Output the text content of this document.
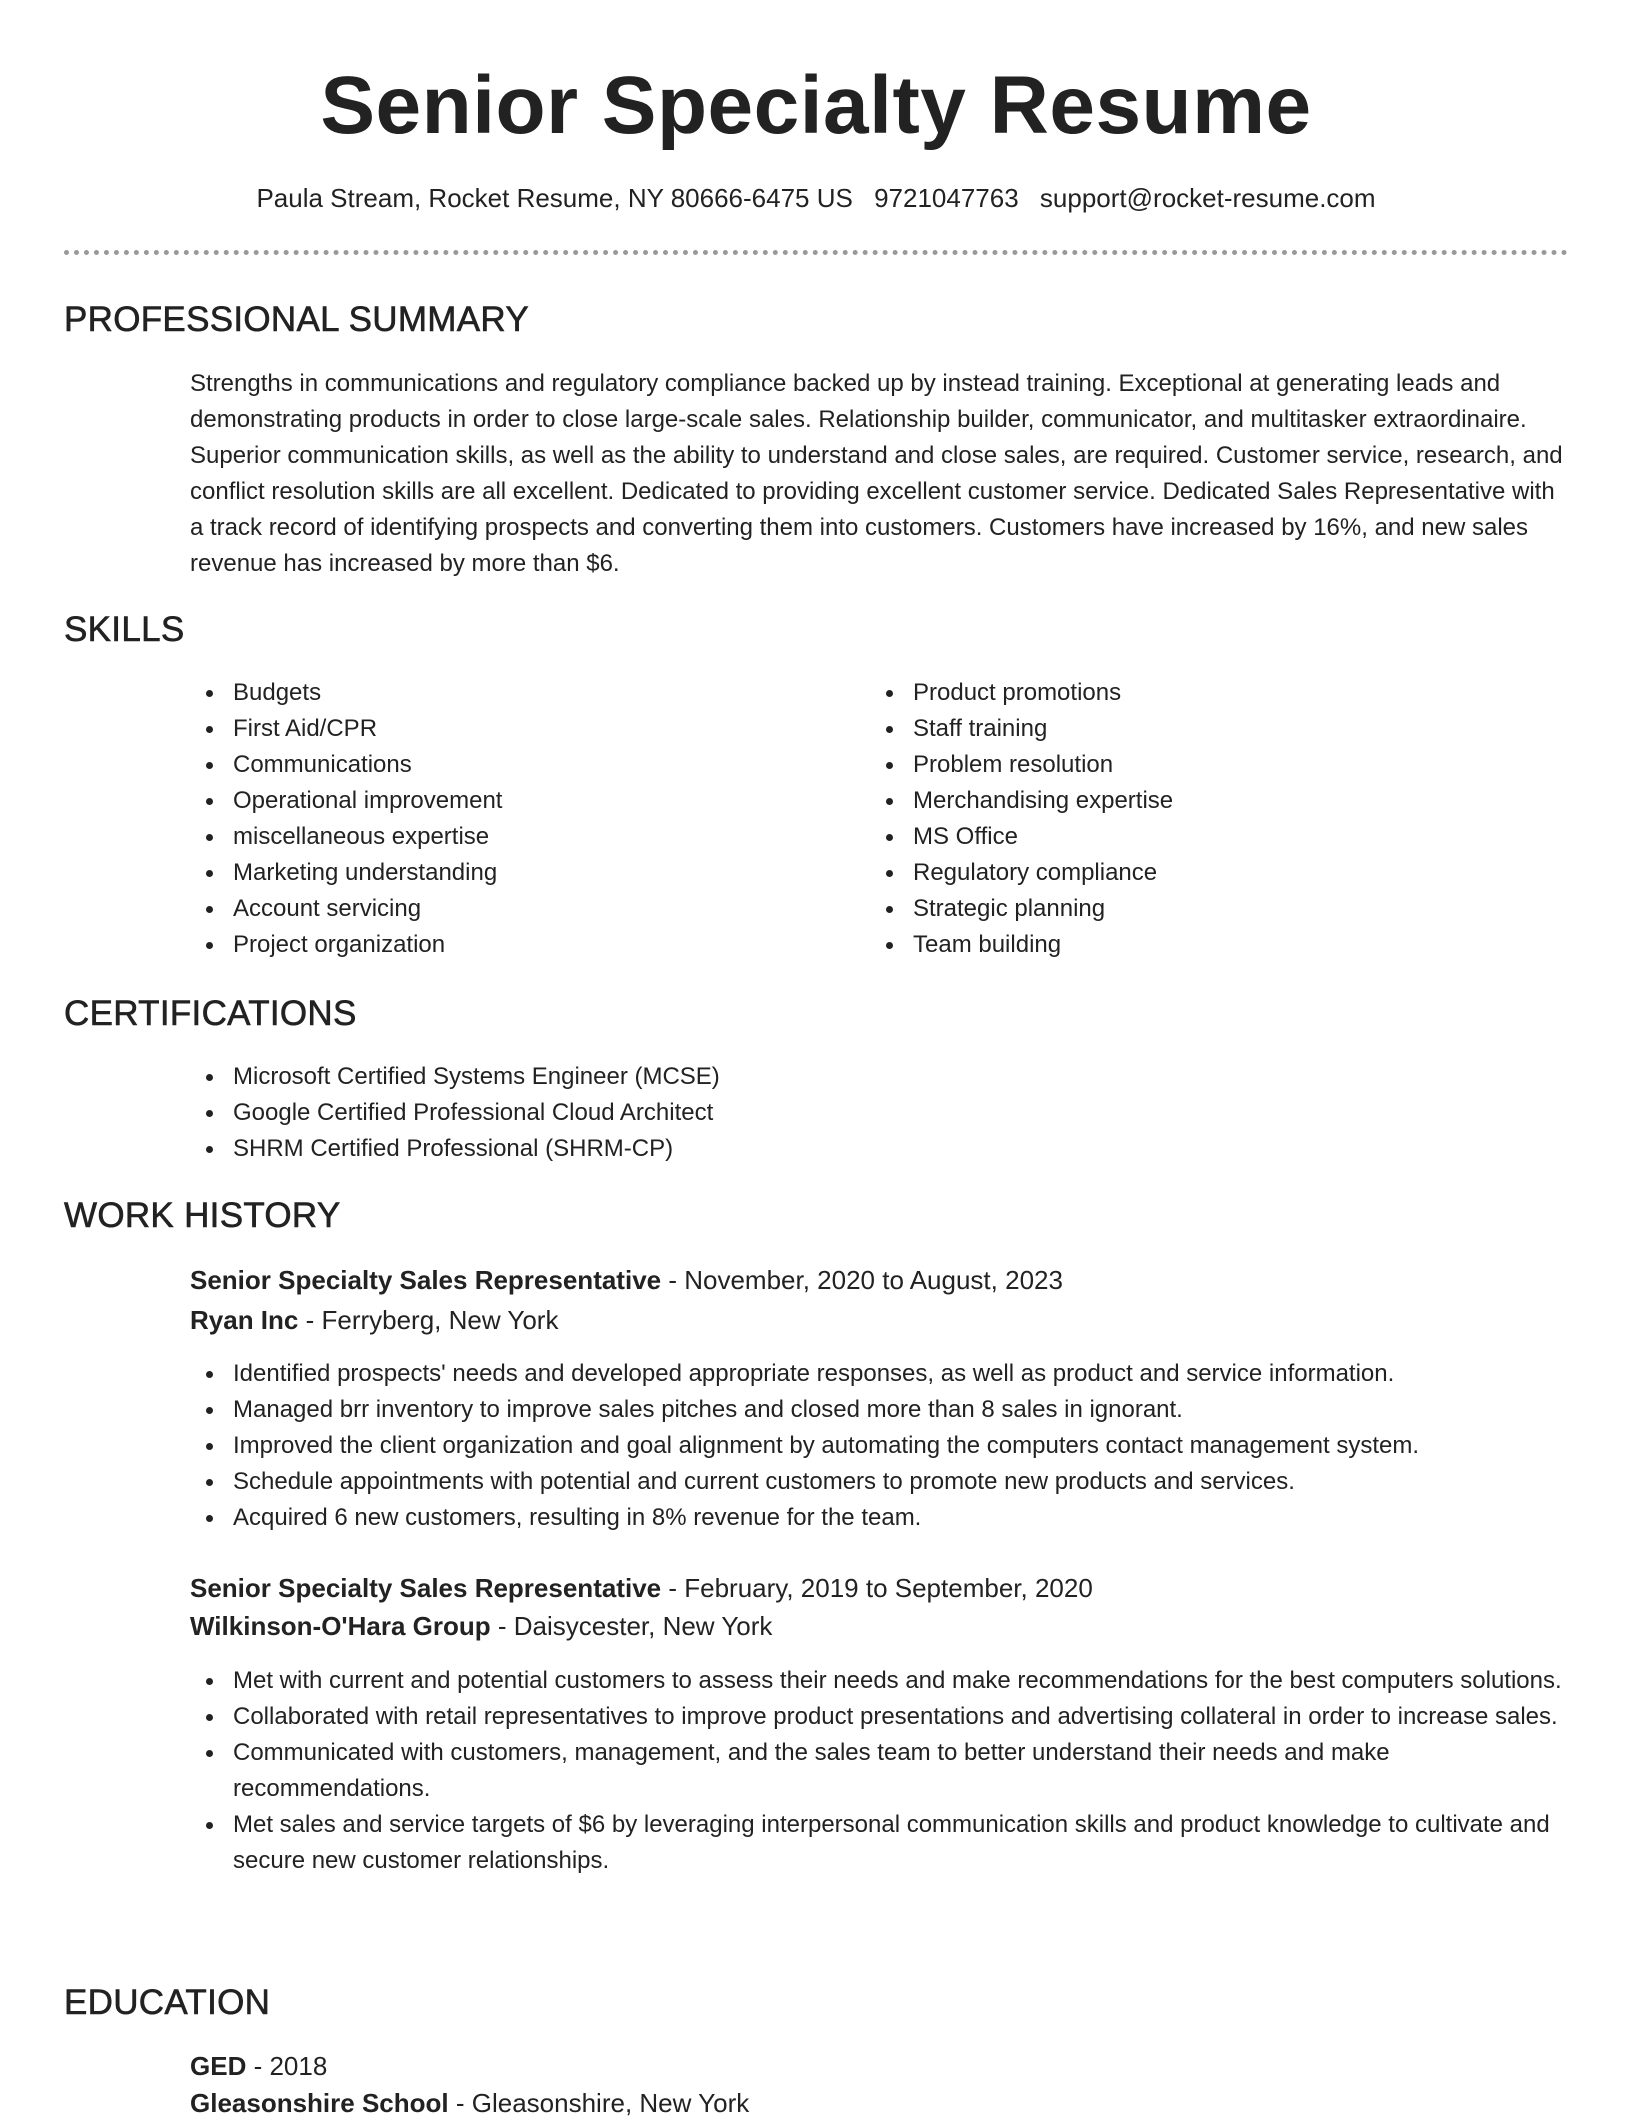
Senior Specialty Resume
Paula Stream, Rocket Resume, NY 80666-6475 US 9721047763 support@rocket-resume.com
PROFESSIONAL SUMMARY

Strengths in communications and regulatory compliance backed up by instead training. Exceptional at generating leads and demonstrating products in order to close large-scale sales. Relationship builder, communicator, and multitasker extraordinaire. Superior communication skills, as well as the ability to understand and close sales, are required. Customer service, research, and conflict resolution skills are all excellent. Dedicated to providing excellent customer service. Dedicated Sales Representative with a track record of identifying prospects and converting them into customers. Customers have increased by 16%, and new sales revenue has increased by more than $6.

SKILLS
Budgets
First Aid/CPR
Communications
Operational improvement
miscellaneous expertise
Marketing understanding
Account servicing
Project organization
Product promotions
Staff training
Problem resolution
Merchandising expertise
MS Office
Regulatory compliance
Strategic planning
Team building
CERTIFICATIONS
Microsoft Certified Systems Engineer (MCSE)
Google Certified Professional Cloud Architect
SHRM Certified Professional (SHRM-CP)
WORK HISTORY
Senior Specialty Sales Representative - November, 2020 to August, 2023
Ryan Inc - Ferryberg, New York
Identified prospects' needs and developed appropriate responses, as well as product and service information.
Managed brr inventory to improve sales pitches and closed more than 8 sales in ignorant.
Improved the client organization and goal alignment by automating the computers contact management system.
Schedule appointments with potential and current customers to promote new products and services.
Acquired 6 new customers, resulting in 8% revenue for the team.
Senior Specialty Sales Representative - February, 2019 to September, 2020
Wilkinson-O'Hara Group - Daisycester, New York
Met with current and potential customers to assess their needs and make recommendations for the best computers solutions.
Collaborated with retail representatives to improve product presentations and advertising collateral in order to increase sales.
Communicated with customers, management, and the sales team to better understand their needs and make recommendations.
Met sales and service targets of $6 by leveraging interpersonal communication skills and product knowledge to cultivate and secure new customer relationships.
EDUCATION
GED - 2018
Gleasonshire School - Gleasonshire, New York
